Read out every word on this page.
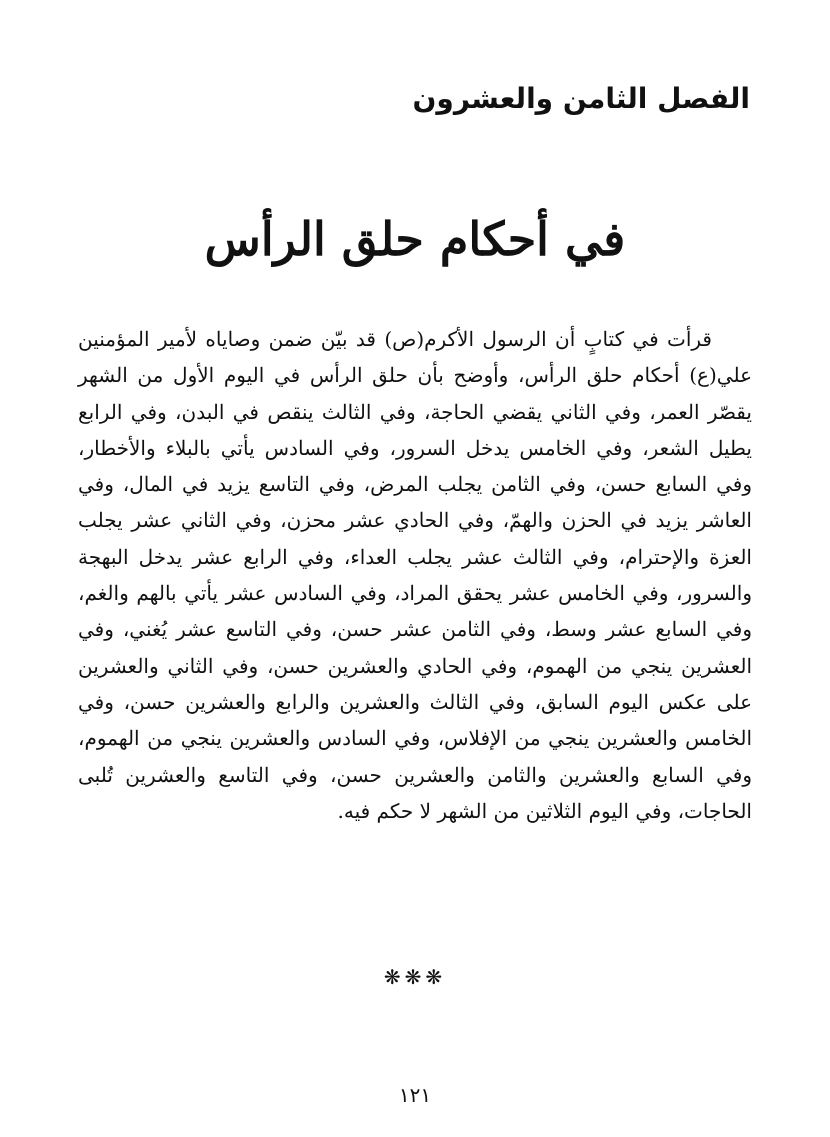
الفصل الثامن والعشرون
في أحكام حلق الرأس

قرأت في كتابٍ أن الرسول الأكرم(ص) قد بيّن ضمن وصاياه لأمير المؤمنين علي(ع) أحكام حلق الرأس، وأوضح بأن حلق الرأس في اليوم الأول من الشهر يقصّر العمر، وفي الثاني يقضي الحاجة، وفي الثالث ينقص في البدن، وفي الرابع يطيل الشعر، وفي الخامس يدخل السرور، وفي السادس يأتي بالبلاء والأخطار، وفي السابع حسن، وفي الثامن يجلب المرض، وفي التاسع يزيد في المال، وفي العاشر يزيد في الحزن والهمّ، وفي الحادي عشر محزن، وفي الثاني عشر يجلب العزة والإحترام، وفي الثالث عشر يجلب العداء، وفي الرابع عشر يدخل البهجة والسرور، وفي الخامس عشر يحقق المراد، وفي السادس عشر يأتي بالهم والغم، وفي السابع عشر وسط، وفي الثامن عشر حسن، وفي التاسع عشر يُغني، وفي العشرين ينجي من الهموم، وفي الحادي والعشرين حسن، وفي الثاني والعشرين على عكس اليوم السابق، وفي الثالث والعشرين والرابع والعشرين حسن، وفي الخامس والعشرين ينجي من الإفلاس، وفي السادس والعشرين ينجي من الهموم، وفي السابع والعشرين والثامن والعشرين حسن، وفي التاسع والعشرين تُلبى الحاجات، وفي اليوم الثلاثين من الشهر لا حكم فيه.

❋❋❋
١٢١
